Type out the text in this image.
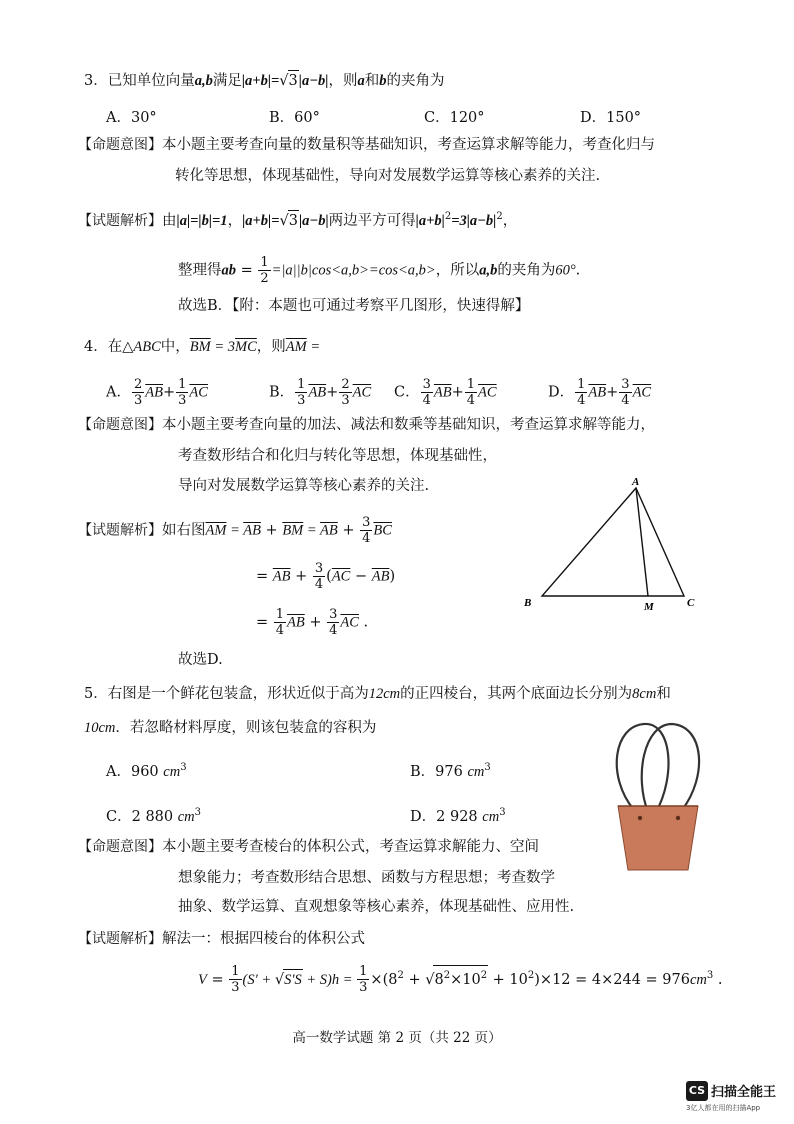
3．已知单位向量a,b满足|a+b|=√3|a−b|，则a和b的夹角为
A．30°	B．60°	C．120°	D．150°
【命题意图】本小题主要考查向量的数量积等基础知识，考查运算求解等能力，考查化归与
转化等思想，体现基础性，导向对发展数学运算等核心素养的关注.
【试题解析】由|a|=|b|=1，|a+b|=√3|a−b|两边平方可得$|a+b|^2=3|a-b|^2$，
整理得ab = $\frac{1}{2} =|a||b|\cos<a,b>=\cos<a,b>$，所以a,b的夹角为60°.
故选B．【附：本题也可通过考察平几图形，快速得解】
4．在△ABC中，$\overline{BM} = 3\overline{MC}$，则$\overline{AM}$ =
A． $\frac{2}{3} \overline{AB}+ \frac{1}{3} \overline{AC}$	B． $\frac{1}{3} \overline{AB}+ \frac{2}{3} \overline{AC}$ C． $\frac{3}{4} \overline{AB}+ \frac{1}{4} \overline{AC}$	D． $\frac{1}{4} \overline{AB}+ \frac{3}{4} \overline{AC}$
【命题意图】本小题主要考查向量的加法、减法和数乘等基础知识，考查运算求解等能力，
考查数形结合和化归与转化等思想，体现基础性，
导向对发展数学运算等核心素养的关注.
【试题解析】如右图$\overline{AM} = \overline{AB} + \overline{BM} = \overline{AB} + \frac{3}{4} \overline{BC}$
= $\overline{AB} + \frac{3}{4} (\overline{AC} - \overline{AB})$
= $\frac{1}{4} \overline{AB} + \frac{3}{4} \overline{AC}$ .
故选D.
A
B	M	C
5．右图是一个鲜花包装盒，形状近似于高为12cm的正四棱台，其两个底面边长分别为8cm和
10cm．若忽略材料厚度，则该包装盒的容积为
A．960 $cm^3$	B．976 $cm^3$
C．2 880 $cm^3$	D．2 928 $cm^3$
【命题意图】本小题主要考查棱台的体积公式，考查运算求解能力、空间
想象能力；考查数形结合思想、函数与方程思想；考查数学
抽象、数学运算、直观想象等核心素养，体现基础性、应用性.
【试题解析】解法一：根据四棱台的体积公式
$V = \frac{1}{3} (S' + √S'S + S)h = \frac{1}{3} \times(8^2 + √8^2\times 10^2 + 10^2)\times 12 = 4\times 244 = 976cm^3$ .
高一数学试题 第 2 页（共 22 页）
CS 扫描全能王
3亿人都在用的扫描App
